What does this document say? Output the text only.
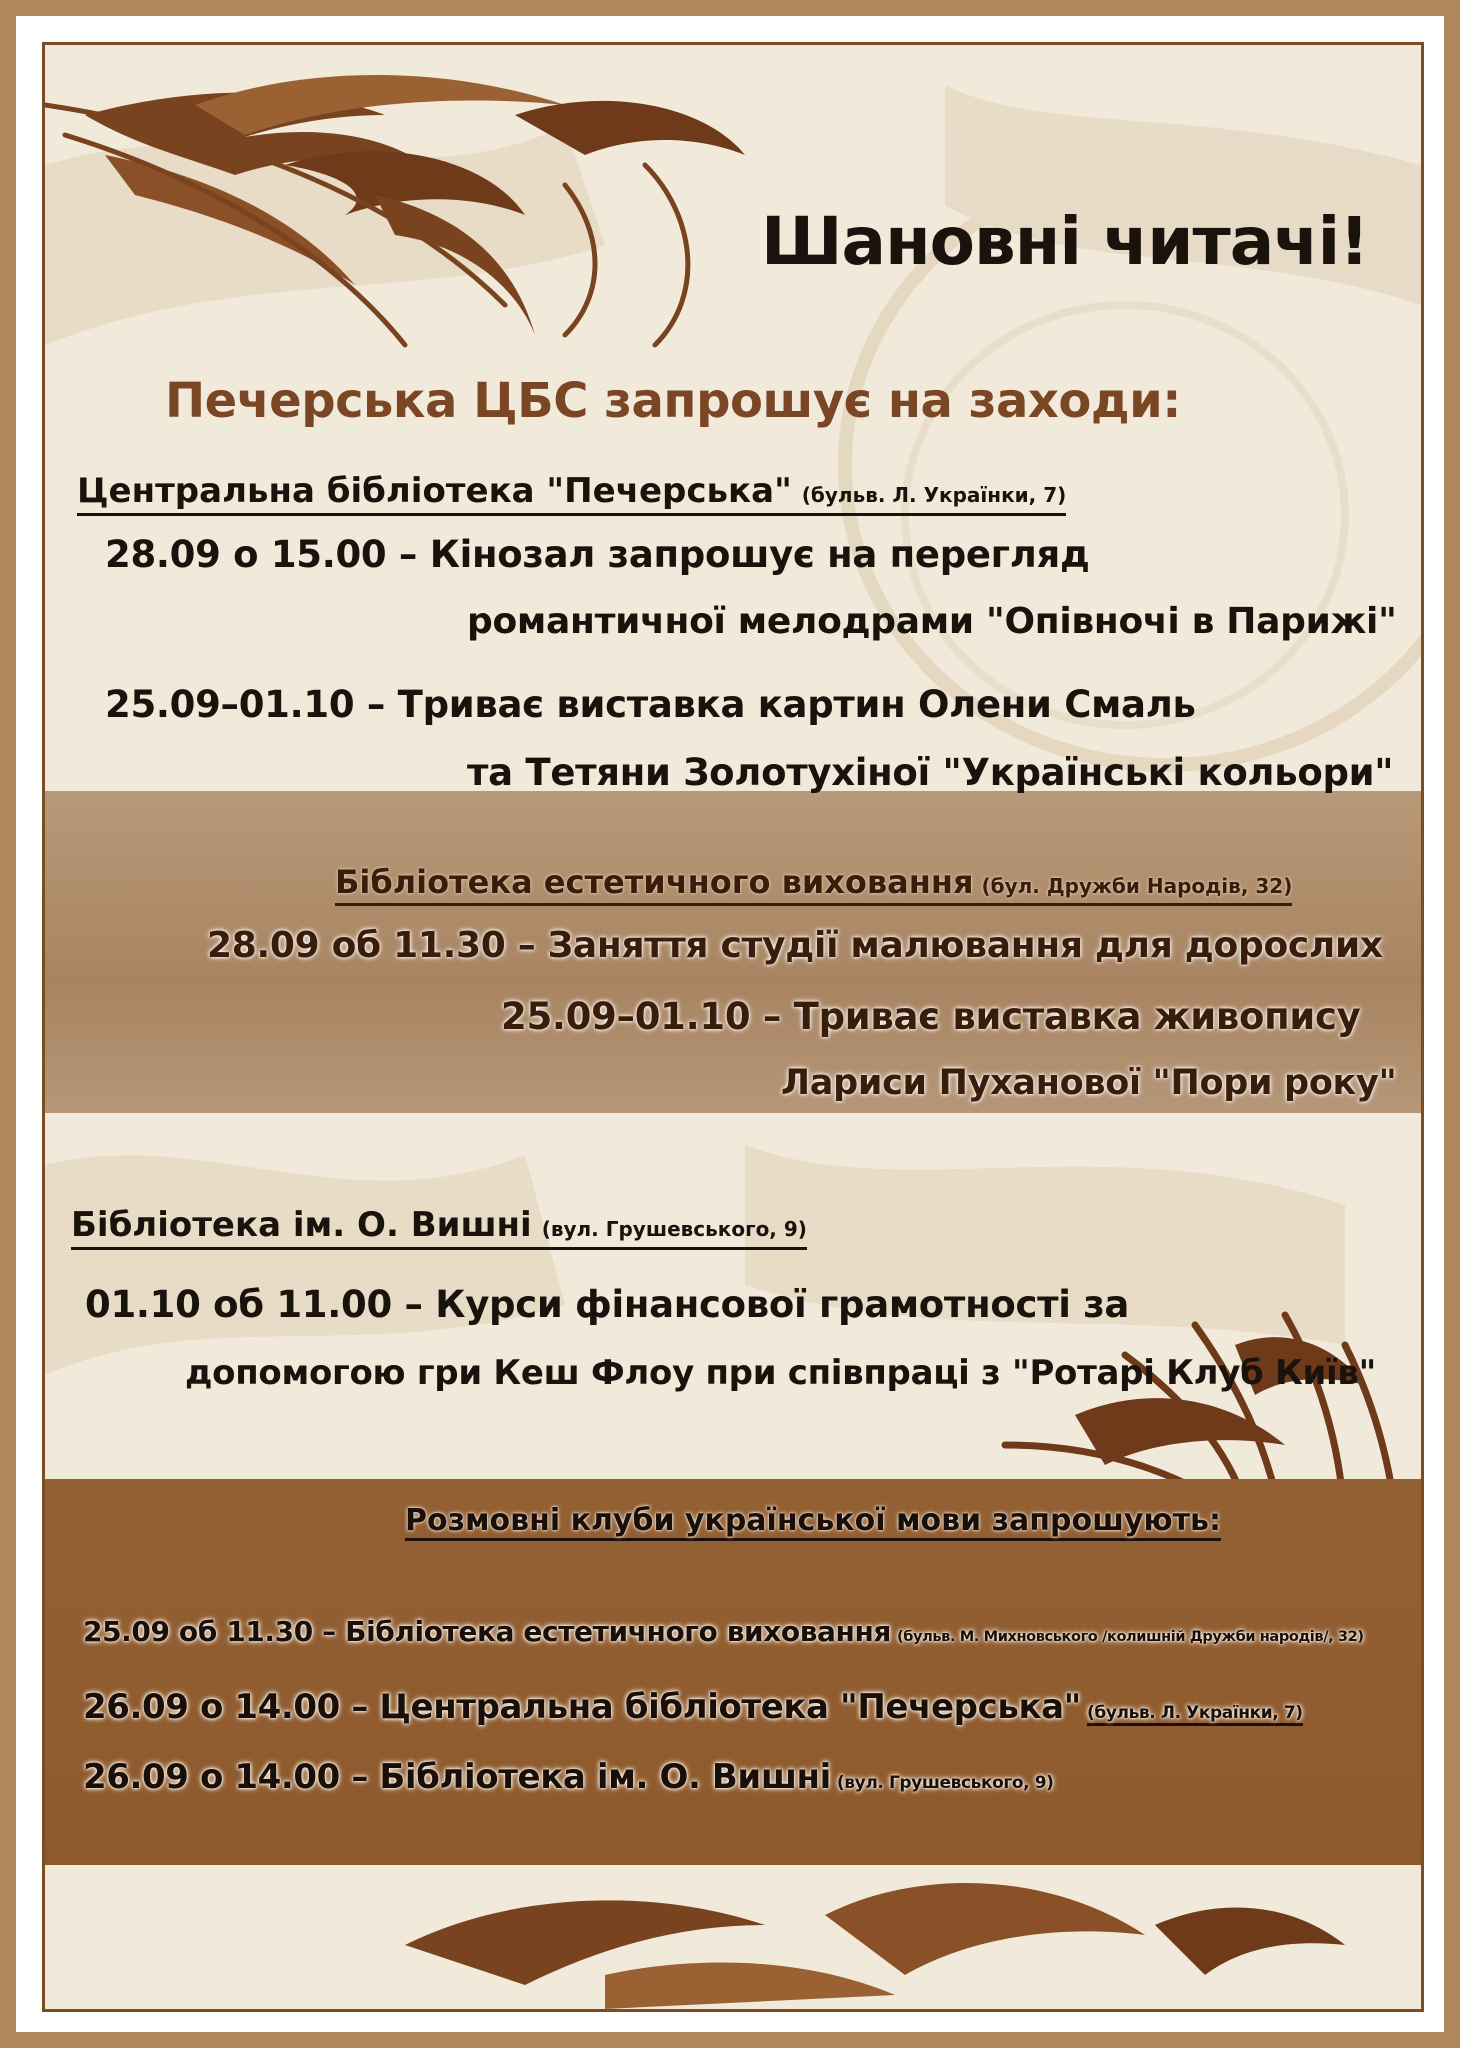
Шановні читачі!
Печерська ЦБС запрошує на заходи:
Центральна бібліотека "Печерська" (бульв. Л. Українки, 7)
28.09 о 15.00 – Кінозал запрошує на перегляд
романтичної мелодрами "Опівночі в Парижі"
25.09–01.10 – Триває виставка картин Олени Смаль
та Тетяни Золотухіної "Українські кольори"
Бібліотека естетичного виховання (бул. Дружби Народів, 32)
28.09 об 11.30 – Заняття студії малювання для дорослих
25.09–01.10 – Триває виставка живопису
Лариси Пуханової "Пори року"
Бібліотека ім. О. Вишні (вул. Грушевського, 9)
01.10 об 11.00 – Курси фінансової грамотності за
допомогою гри Кеш Флоу при співпраці з "Ротарі Клуб Київ"
Розмовні клуби української мови запрошують:
25.09 об 11.30 – Бібліотека естетичного виховання (бульв. М. Михновського /колишній Дружби народів/, 32)
26.09 о 14.00 – Центральна бібліотека "Печерська" (бульв. Л. Українки, 7)
26.09 о 14.00 – Бібліотека ім. О. Вишні (вул. Грушевського, 9)
